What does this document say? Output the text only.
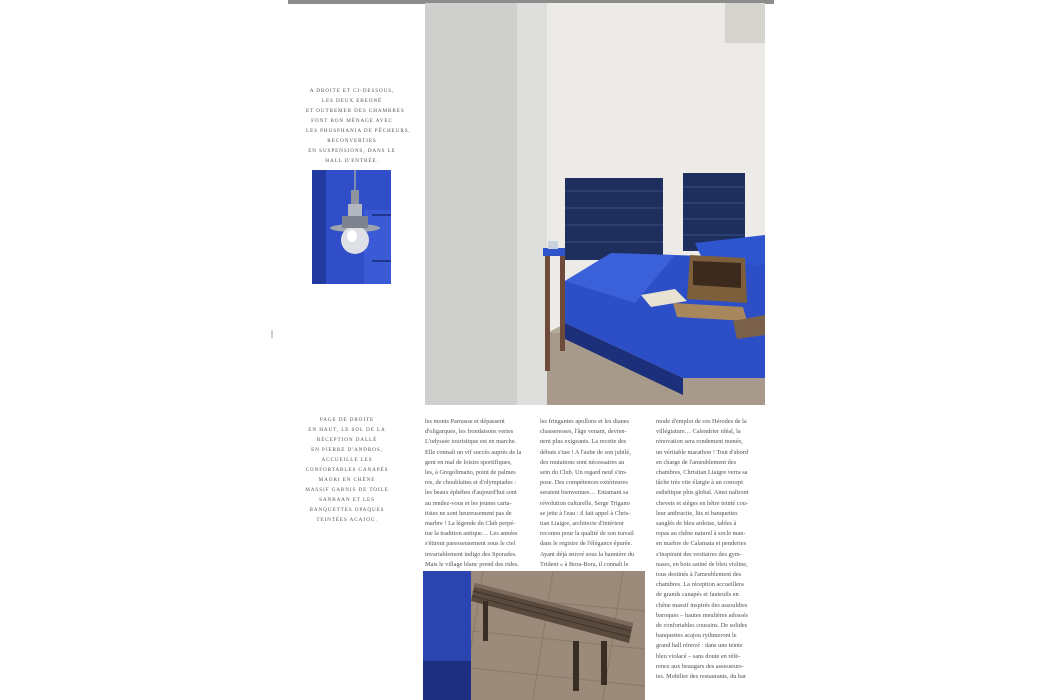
A DROITE ET CI-DESSOUS,
LES DEUX EBEONÉ
ET OUTREMER DES CHAMBRES
FONT BON MÉNAGE AVEC
LES PHOSPHANIA DE PÊCHEURS,
RECONVERTIES
EN SUSPENSIONS, DANS LE
HALL D'ENTRÉE.
PAGE DE DROITE
EN HAUT, LE SOL DE LA
RÉCEPTION DALLÉ
EN PIERRE D'ANDROS,
ACCUEILLE LES
CONFORTABLES CANAPÉS
MAORI EN CHÊNE
MASSIF GARNIS DE TOILE
SANBAAN ET LES
BANQUETTES OPAQUES
TEINTÉES ACAJOU.
les monts Parnasse et dépassent
d'oligarques, les frondaisons vertes
L'odyssée touristique est en marche.
Elle connaît un vif succès auprès de la
gent en mal de loisirs sportifiques,
les, à Gregolimano, point de palmes
res, de choublaites et d'olympiades :
les beaux éphèbes d'aujourd'hui sont
au rendez-vous et les jeunes carta-
tistes ne sont heureusement pas de
marbre ! La légende du Club perpé-
tue la tradition antique… Les années
s'étirent paresseusement sous le ciel
invariablement indigo des Sporades.
Mais le village blanc prend des rides.
les fringantes apollons et les dianes
chasseresses, l'âge venant, devien-
nent plus exigeants. La recette des
débuts s'use ! A l'aube de son jubilé,
des mutations sont nécessaires au
sein du Club. Un regard neuf s'im-
pose. Des compétences extérieures
seraient bienvenues… Entamant sa
révolution culturelle, Serge Trigano
se jette à l'eau : il fait appel à Chris-
tian Liaigre, architecte d'intérieur
reconnu pour la qualité de son travail
dans le registre de l'élégance épurée.
Ayant déjà œuvré sous la bannière du
Trident « à Bora-Bora, il connaît le
mode d'emploi de ces Hérodes de la
villégiature… Calendrier idéal, la
rénovation sera rondement menée,
un véritable marathon ! Tout d'abord
en charge de l'ameublement des
chambres, Christian Liaigre verra sa
tâche très vite élargie à un concept
esthétique plus global. Ainsi naîtront
chevets et sièges en hêtre teinté cou-
leur anthracite, lits et banquettes
sanglés de bleu ardoise, tables à
repas au chêne naturel à socle man-
en marbre de Calamata et penderies
s'inspirant des vestiaires des gym-
nases, en bois satiné de bleu violine,
tous destinés à l'ameublement des
chambres. La réception accueillera
de grands canapés et fauteuils en
chêne massif inspirés des assouldies
baroques – hautes meulières adossés
de confortables coussins. De solides
banquettes acajou rythmeront le
grand hall rénové : dans une teinte
bleu violacé – sans doute en réfé-
rence aux beaugars des assesseurs-
tes. Mobilier des restaurants, du bar
